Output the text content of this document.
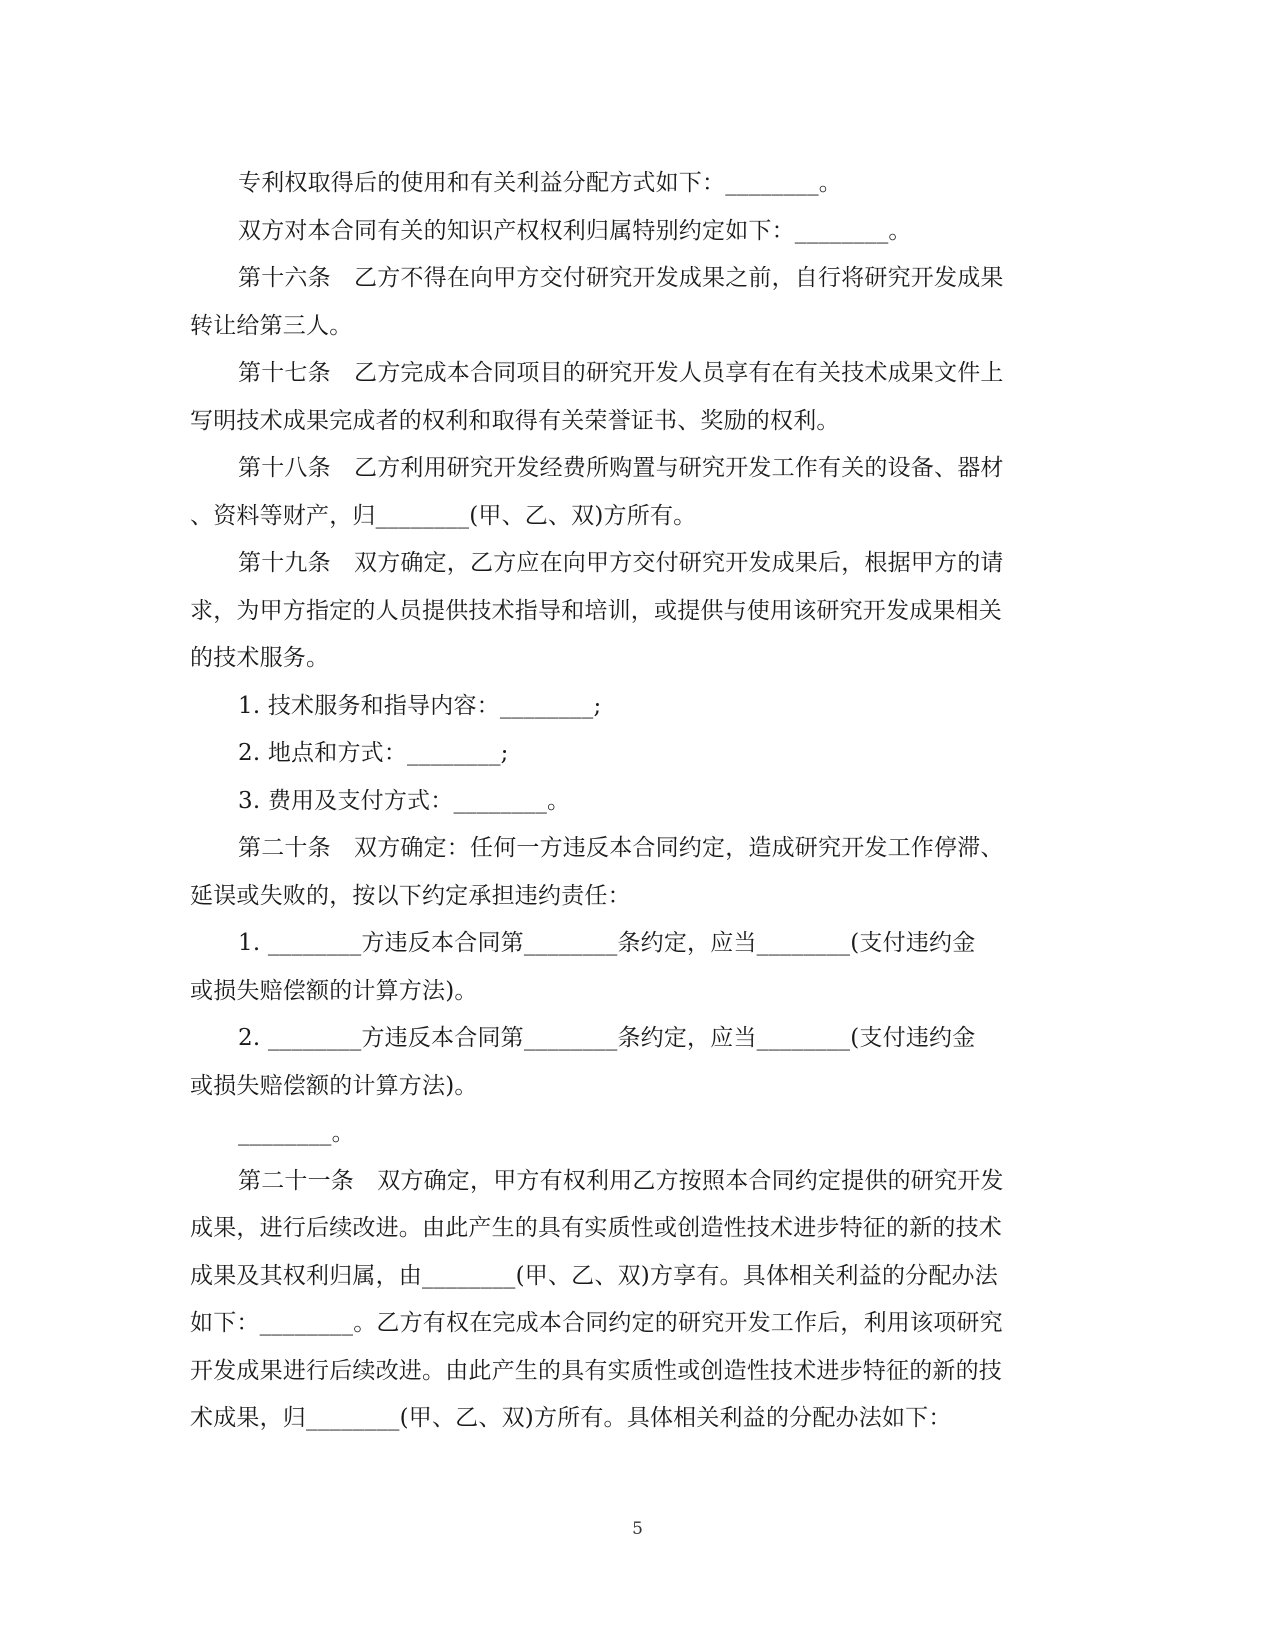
专利权取得后的使用和有关利益分配方式如下：________。
双方对本合同有关的知识产权权利归属特别约定如下：________。
第十六条　乙方不得在向甲方交付研究开发成果之前，自行将研究开发成果
转让给第三人。
第十七条　乙方完成本合同项目的研究开发人员享有在有关技术成果文件上
写明技术成果完成者的权利和取得有关荣誉证书、奖励的权利。
第十八条　乙方利用研究开发经费所购置与研究开发工作有关的设备、器材
、资料等财产，归________(甲、乙、双)方所有。
第十九条　双方确定，乙方应在向甲方交付研究开发成果后，根据甲方的请
求，为甲方指定的人员提供技术指导和培训，或提供与使用该研究开发成果相关
的技术服务。
1. 技术服务和指导内容：________;
2. 地点和方式：________;
3. 费用及支付方式：________。
第二十条　双方确定：任何一方违反本合同约定，造成研究开发工作停滞、
延误或失败的，按以下约定承担违约责任：
1. ________方违反本合同第________条约定，应当________(支付违约金
或损失赔偿额的计算方法)。
2. ________方违反本合同第________条约定，应当________(支付违约金
或损失赔偿额的计算方法)。
________。
第二十一条　双方确定，甲方有权利用乙方按照本合同约定提供的研究开发
成果，进行后续改进。由此产生的具有实质性或创造性技术进步特征的新的技术
成果及其权利归属，由________(甲、乙、双)方享有。具体相关利益的分配办法
如下：________。乙方有权在完成本合同约定的研究开发工作后，利用该项研究
开发成果进行后续改进。由此产生的具有实质性或创造性技术进步特征的新的技
术成果，归________(甲、乙、双)方所有。具体相关利益的分配办法如下：
5
